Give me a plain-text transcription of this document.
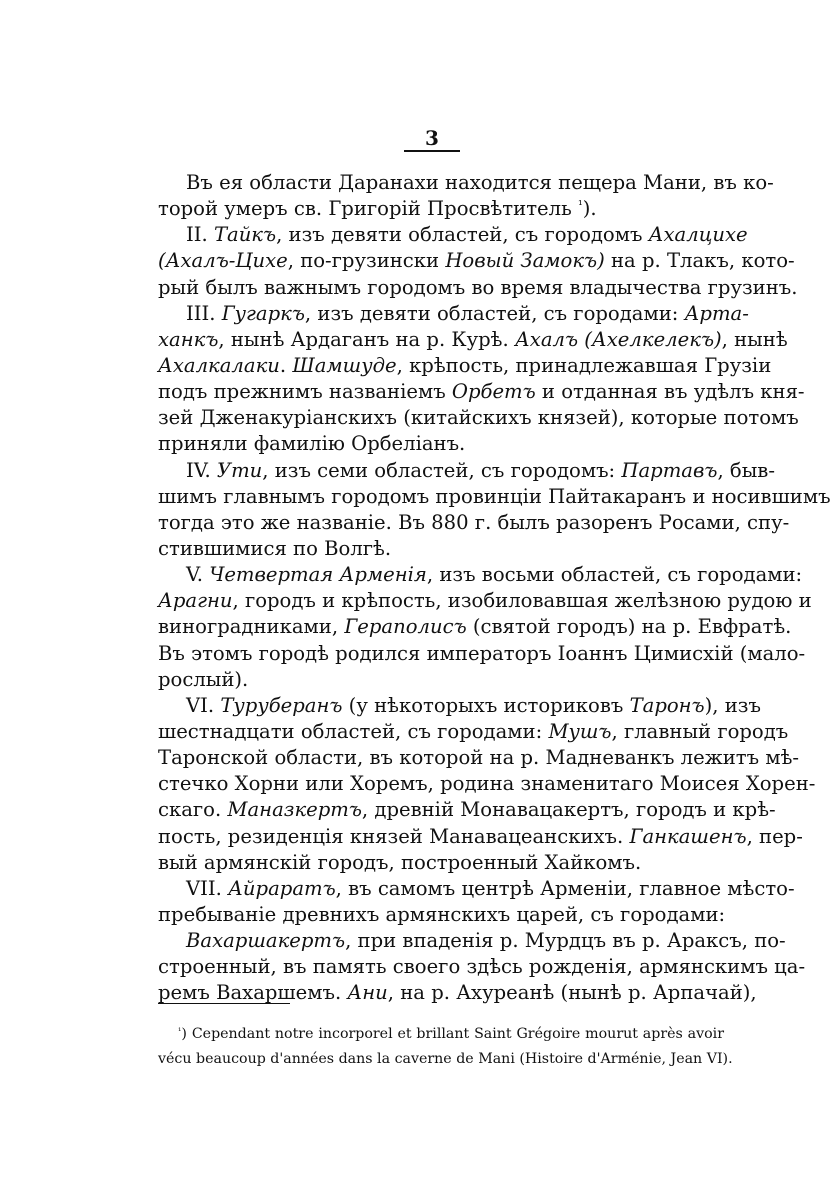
3
Въ ея области Даранахи находится пещера Мани, въ ко-
торой умеръ св. Григорій Просвѣтитель $^{^1}$).
II. Тайкъ, изъ девяти областей, съ городомъ Ахалцихе
(Ахалъ-Цихе, по-грузински Новый Замокъ) на р. Тлакъ, кото-
рый былъ важнымъ городомъ во время владычества грузинъ.
III. Гугаркъ, изъ девяти областей, съ городами: Арта-
ханкъ, нынѣ Ардаганъ на р. Курѣ. Ахалъ (Ахелкелекъ), нынѣ
Ахалкалаки. Шамшуде, крѣпость, принадлежавшая Грузіи
подъ прежнимъ названіемъ Орбетъ и отданная въ удѣлъ кня-
зей Дженакуріанскихъ (китайскихъ князей), которые потомъ
приняли фамилію Орбеліанъ.
IV. Ути, изъ семи областей, съ городомъ: Партавъ, быв-
шимъ главнымъ городомъ провинціи Пайтакаранъ и носившимъ
тогда это же названіе. Въ 880 г. былъ разоренъ Росами, спу-
стившимися по Волгѣ.
V. Четвертая Арменія, изъ восьми областей, съ городами:
Арагни, городъ и крѣпость, изобиловавшая желѣзною рудою и
виноградниками, Гераполисъ (святой городъ) на р. Евфратѣ.
Въ этомъ городѣ родился императоръ Іоаннъ Цимисхій (мало-
рослый).
VI. Туруберанъ (у нѣкоторыхъ историковъ Таронъ), изъ
шестнадцати областей, съ городами: Мушъ, главный городъ
Таронской области, въ которой на р. Мадневанкъ лежитъ мѣ-
стечко Хорни или Хоремъ, родина знаменитаго Моисея Хорен-
скаго. Маназкертъ, древній Монавацакертъ, городъ и крѣ-
пость, резиденція князей Манавацеанскихъ. Ганкашенъ, пер-
вый армянскій городъ, построенный Хайкомъ.
VII. Айраратъ, въ самомъ центрѣ Арменіи, главное мѣсто-
пребываніе древнихъ армянскихъ царей, съ городами:
Вахаршакертъ, при впаденія р. Мурдцъ въ р. Араксъ, по-
строенный, въ память своего здѣсь рожденія, армянскимъ ца-
ремъ Вахаршемъ. Ани, на р. Ахуреанѣ (нынѣ р. Арпачай),
$^{^1}$) Cependant notre incorporel et brillant Saint Grégoire mourut après avoir
vécu beaucoup d'années dans la caverne de Mani (Histoire d'Arménie, Jean VI).
